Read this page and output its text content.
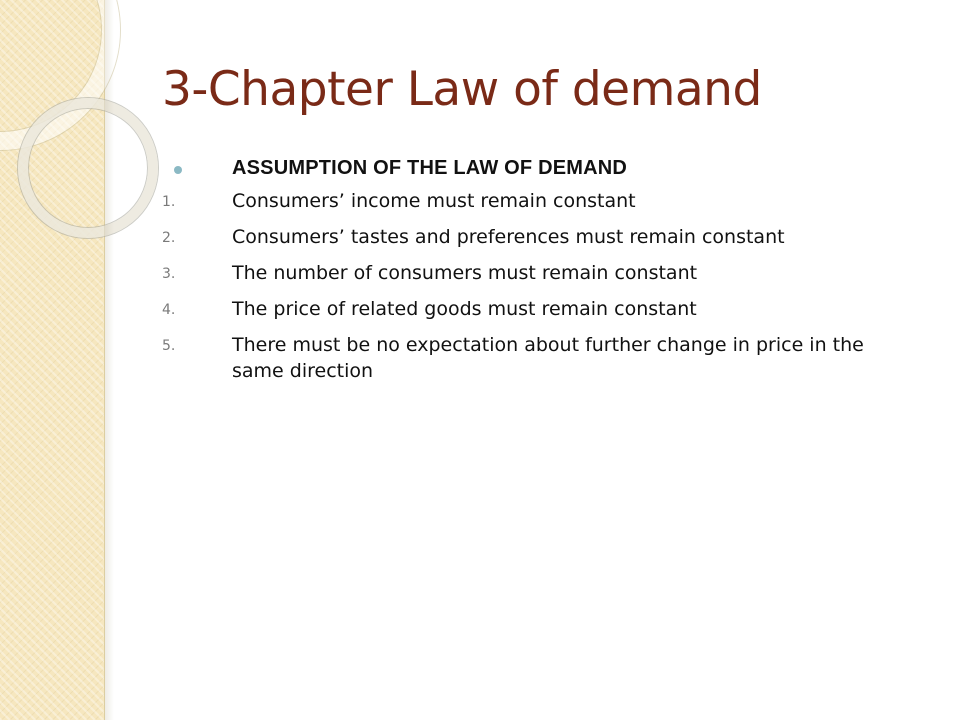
3-Chapter Law of demand
ASSUMPTION OF THE LAW OF DEMAND
1.	Consumers’ income must remain constant
2.	Consumers’ tastes and preferences must remain constant
3.	The number of consumers must remain constant
4.	The price of related goods must remain constant
5.	There must be no expectation about further change in price in the same direction
